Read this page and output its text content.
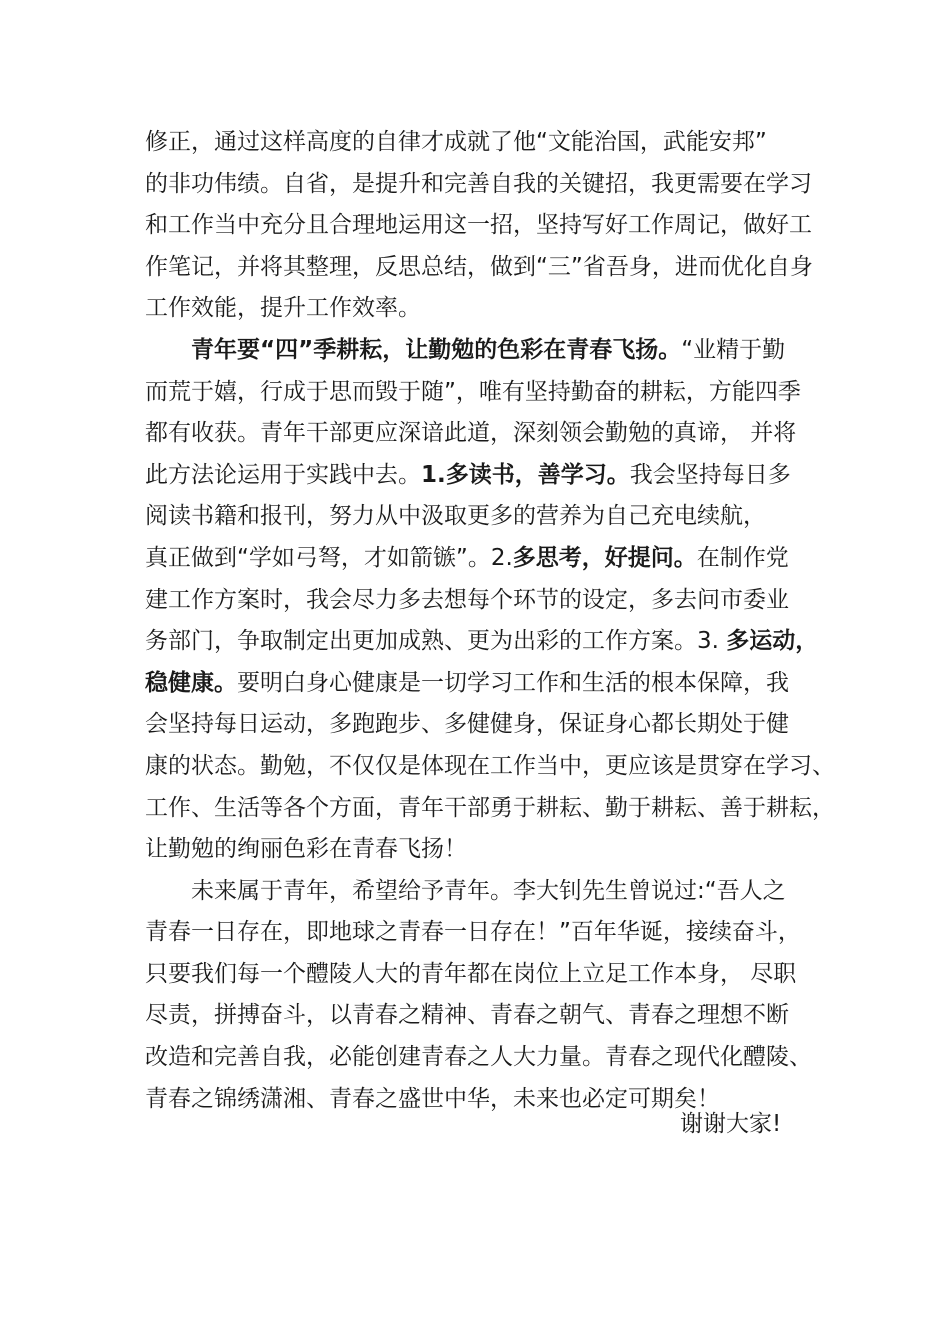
修正，通过这样高度的自律才成就了他“文能治国，武能安邦”

的非功伟绩。自省，是提升和完善自我的关键招，我更需要在学习

和工作当中充分且合理地运用这一招，坚持写好工作周记，做好工

作笔记，并将其整理，反思总结，做到“三”省吾身，进而优化自身

工作效能，提升工作效率。

青年要“四”季耕耘，让勤勉的色彩在青春飞扬。“业精于勤

而荒于嬉，行成于思而毁于随”，唯有坚持勤奋的耕耘，方能四季

都有收获。青年干部更应深谙此道，深刻领会勤勉的真谛， 并将

此方法论运用于实践中去。1.多读书，善学习。我会坚持每日多

阅读书籍和报刊，努力从中汲取更多的营养为自己充电续航，

真正做到“学如弓弩，才如箭镞”。2.多思考，好提问。在制作党

建工作方案时，我会尽力多去想每个环节的设定，多去问市委业

务部门，争取制定出更加成熟、更为出彩的工作方案。3. 多运动，

稳健康。要明白身心健康是一切学习工作和生活的根本保障，我

会坚持每日运动，多跑跑步、多健健身，保证身心都长期处于健

康的状态。勤勉，不仅仅是体现在工作当中，更应该是贯穿在学习、

工作、生活等各个方面，青年干部勇于耕耘、勤于耕耘、善于耕耘，

让勤勉的绚丽色彩在青春飞扬！

未来属于青年，希望给予青年。李大钊先生曾说过:“吾人之

青春一日存在，即地球之青春一日存在！”百年华诞，接续奋斗，

只要我们每一个醴陵人大的青年都在岗位上立足工作本身， 尽职

尽责，拼搏奋斗，以青春之精神、青春之朝气、青春之理想不断

改造和完善自我，必能创建青春之人大力量。青春之现代化醴陵、

青春之锦绣潇湘、青春之盛世中华，未来也必定可期矣！

谢谢大家!
